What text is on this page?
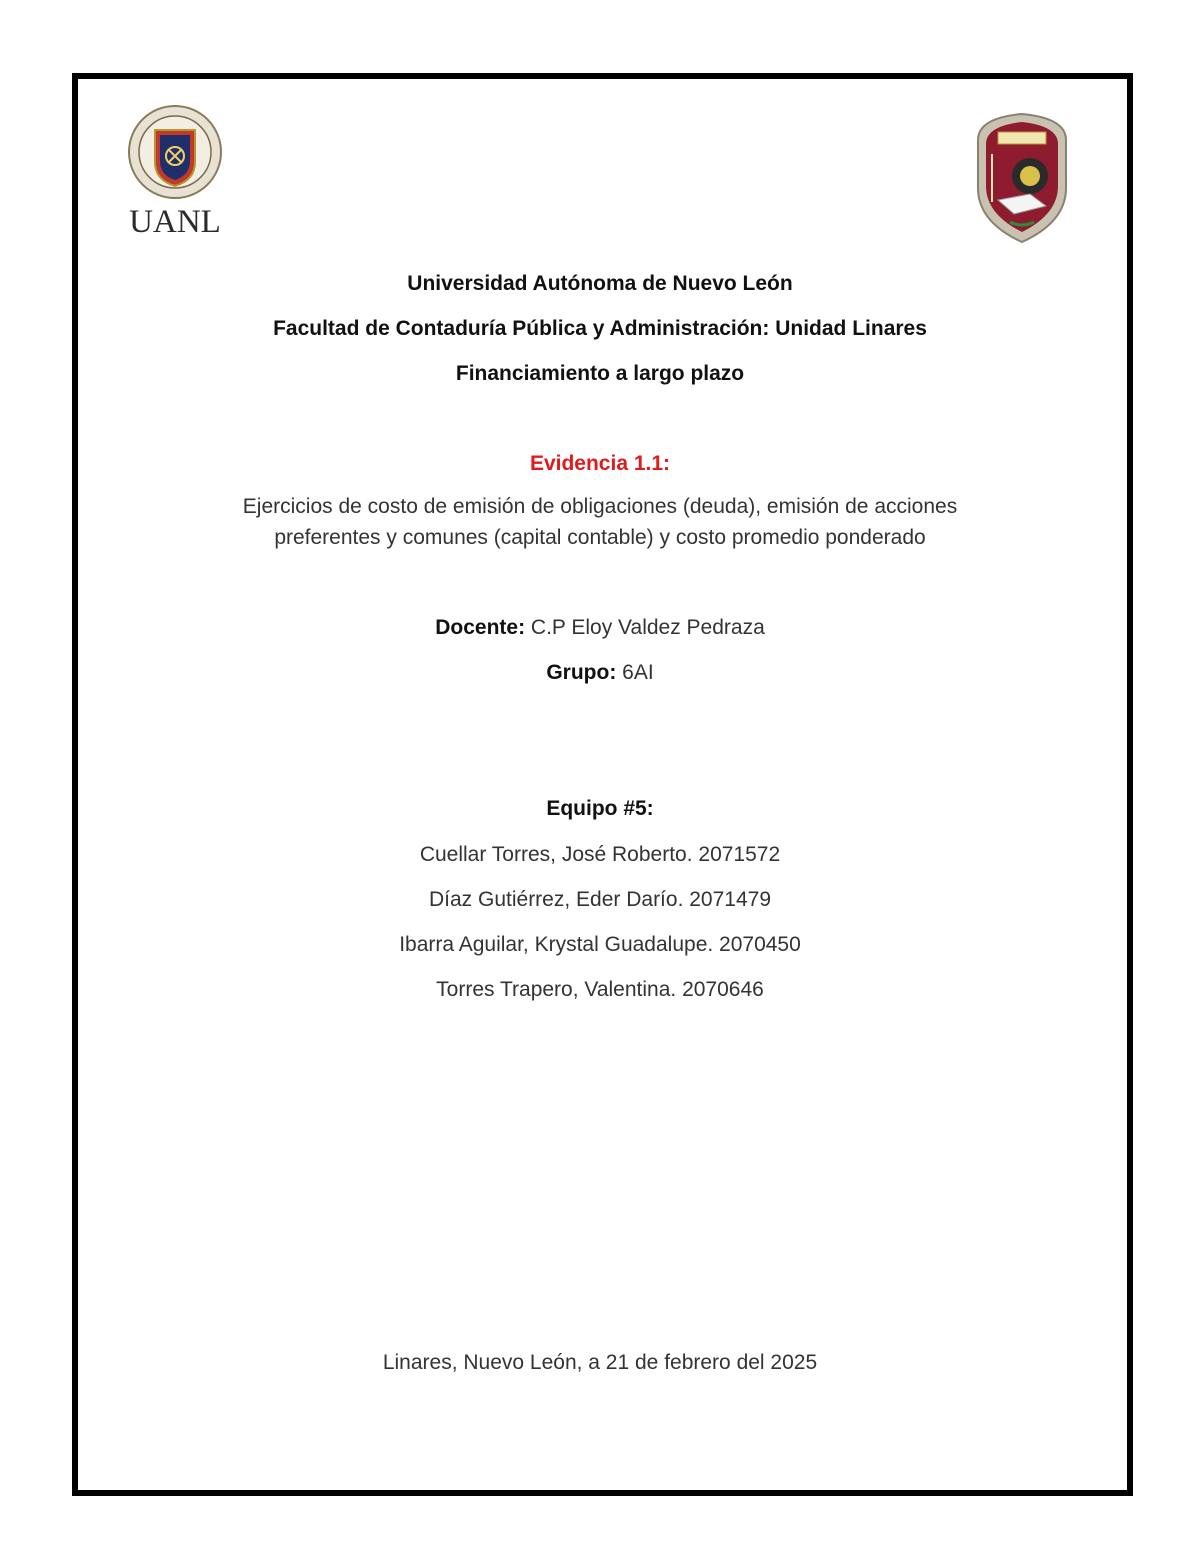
UANL
Universidad Autónoma de Nuevo León
Facultad de Contaduría Pública y Administración: Unidad Linares
Financiamiento a largo plazo
Evidencia 1.1:
Ejercicios de costo de emisión de obligaciones (deuda), emisión de acciones
preferentes y comunes (capital contable) y costo promedio ponderado
Docente: C.P Eloy Valdez Pedraza
Grupo: 6AI
Equipo #5:
Cuellar Torres, José Roberto. 2071572
Díaz Gutiérrez, Eder Darío. 2071479
Ibarra Aguilar, Krystal Guadalupe. 2070450
Torres Trapero, Valentina. 2070646
Linares, Nuevo León, a 21 de febrero del 2025
